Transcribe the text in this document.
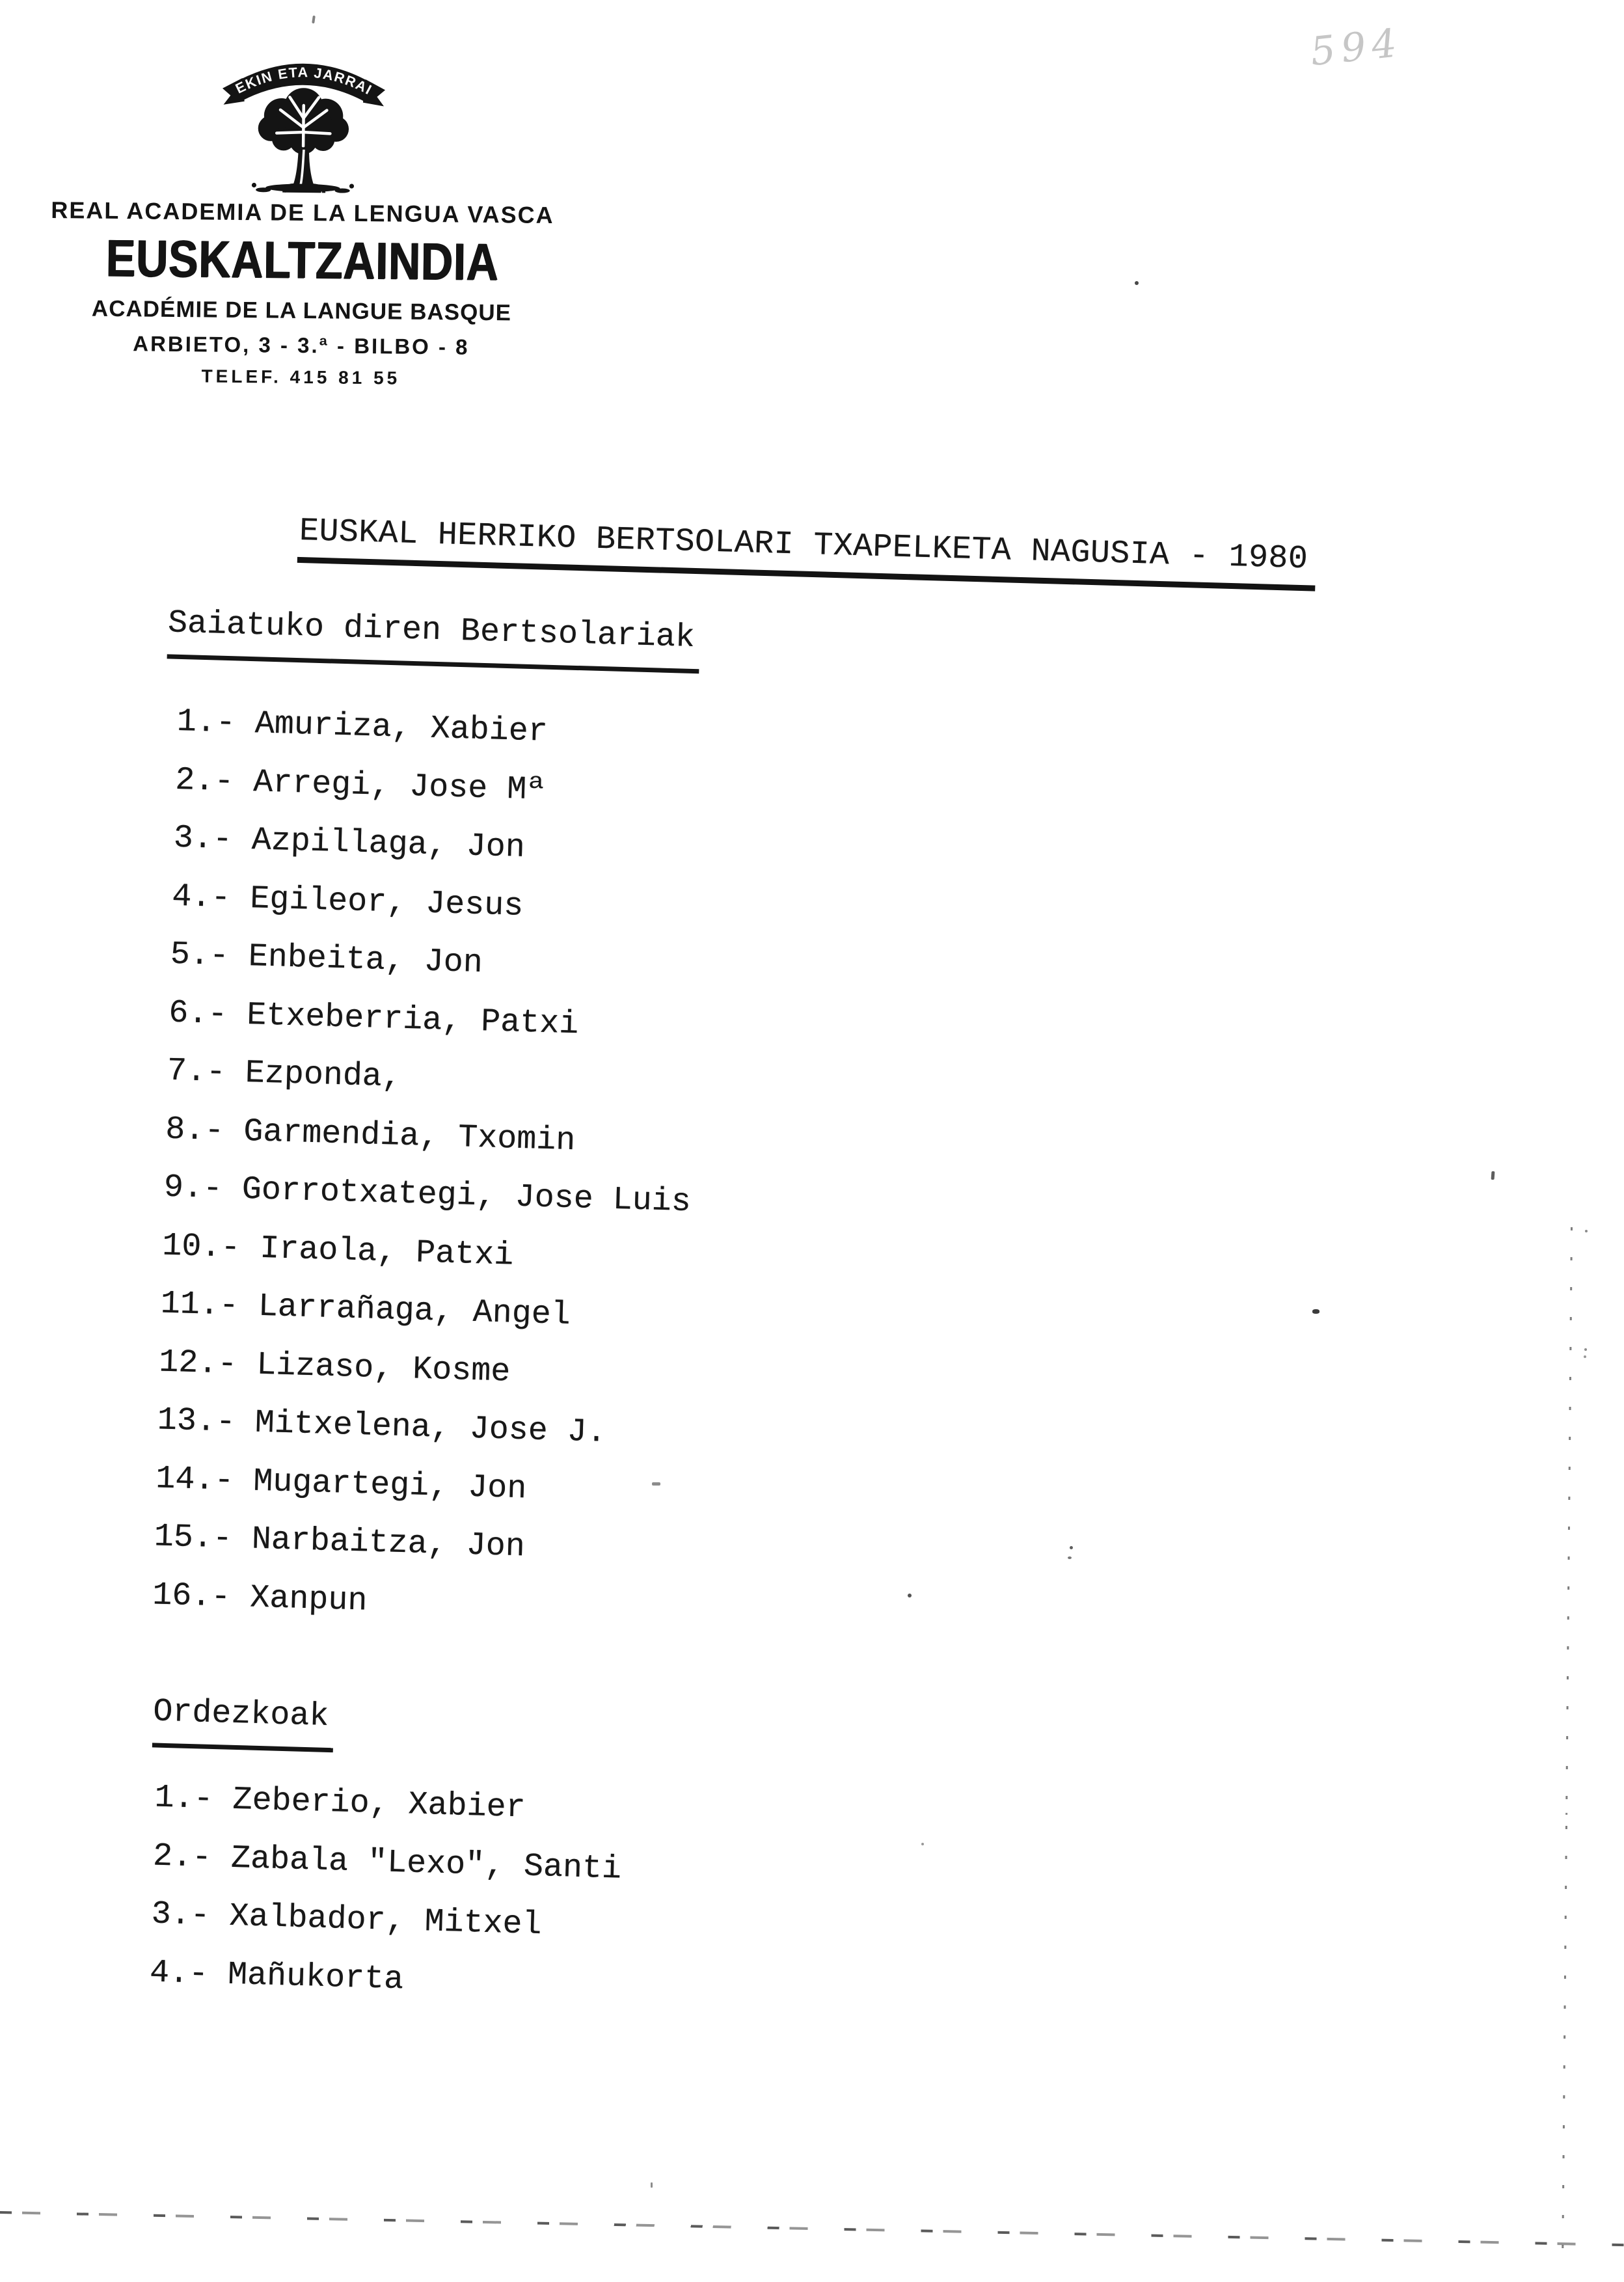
594
EKIN ETA JARRAI
REAL ACADEMIA DE LA LENGUA VASCA
EUSKALTZAINDIA
ACADÉMIE DE LA LANGUE BASQUE
ARBIETO, 3 - 3.ª - BILBO - 8
TELEF. 415 81 55
EUSKAL HERRIKO BERTSOLARI TXAPELKETA NAGUSIA - 1980
Saiatuko diren Bertsolariak
1.- Amuriza, Xabier
2.- Arregi, Jose Mª
3.- Azpillaga, Jon
4.- Egileor, Jesus
5.- Enbeita, Jon
6.- Etxeberria, Patxi
7.- Ezponda,
8.- Garmendia, Txomin
9.- Gorrotxategi, Jose Luis
10.- Iraola, Patxi
11.- Larrañaga, Angel
12.- Lizaso, Kosme
13.- Mitxelena, Jose J.
14.- Mugartegi, Jon
15.- Narbaitza, Jon
16.- Xanpun
Ordezkoak
1.- Zeberio, Xabier
2.- Zabala "Lexo", Santi
3.- Xalbador, Mitxel
4.- Mañukorta
